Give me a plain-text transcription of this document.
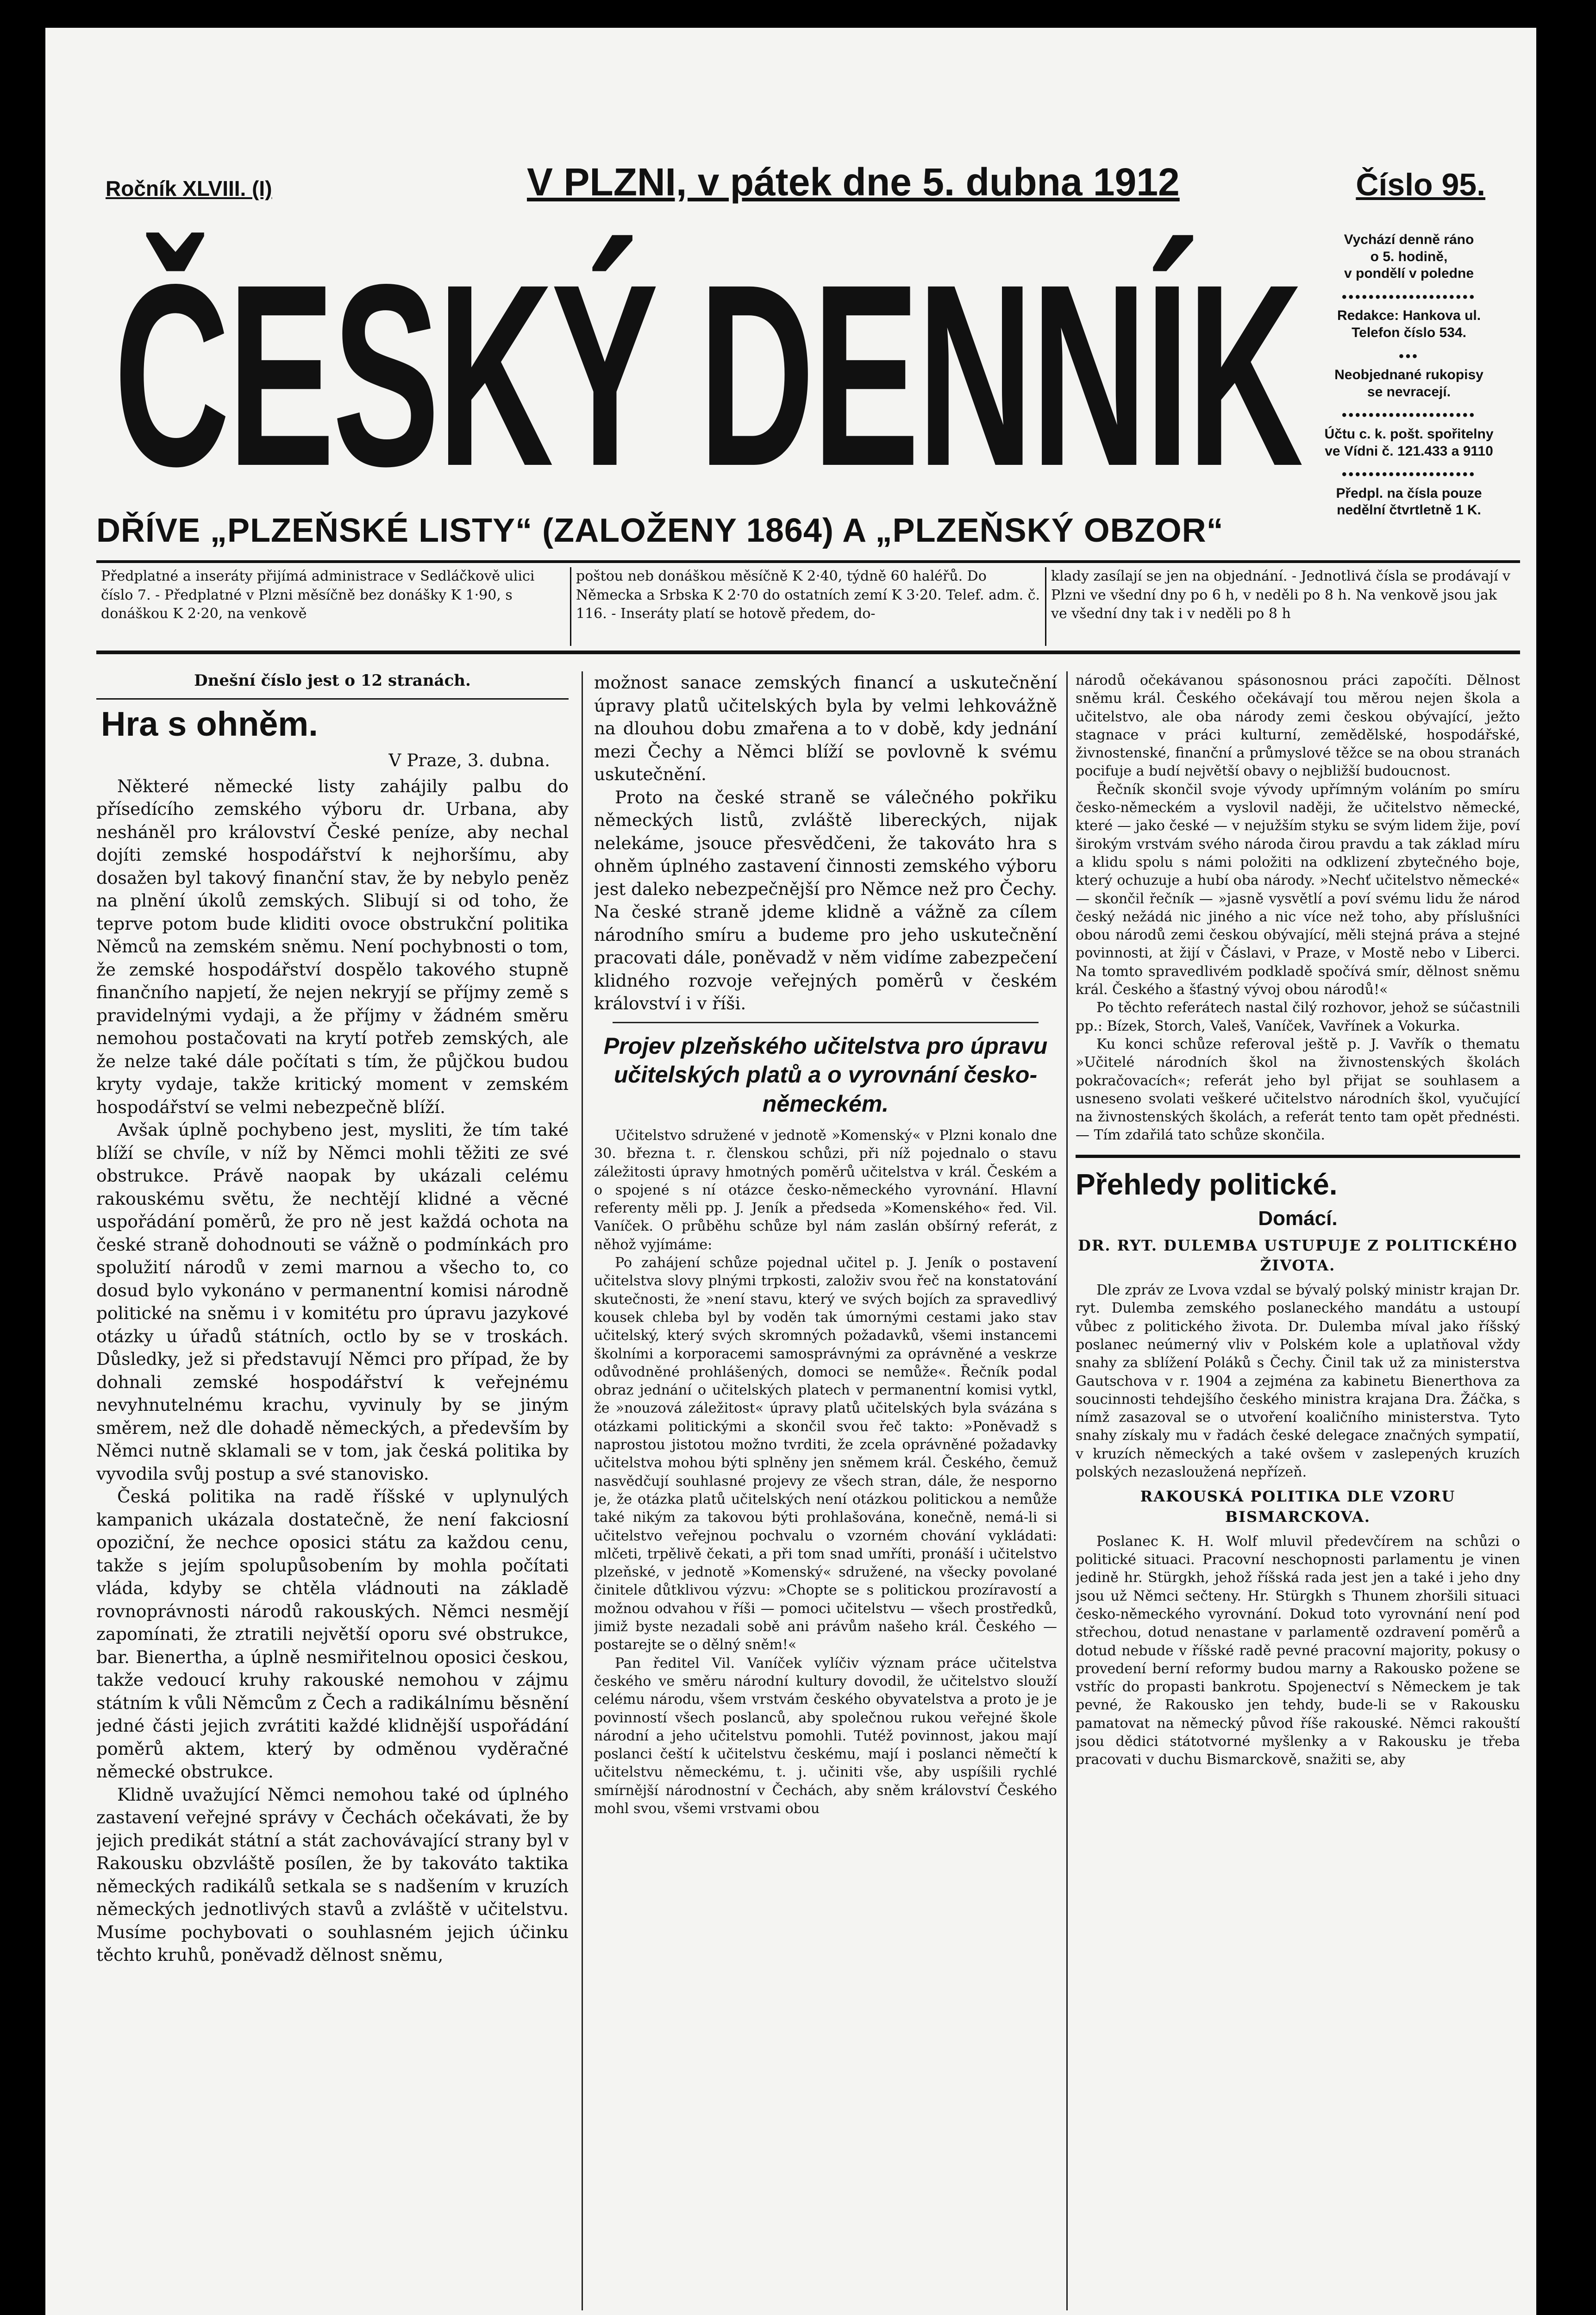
Ročník XLVIII. (I)	V PLZNI, v pátek dne 5. dubna 1912	Číslo 95.
ČESKÝ DENNÍK
DŘÍVE „PLZEŇSKÉ LISTY“ (ZALOŽENY 1864) A „PLZEŇSKÝ OBZOR“
Vychází denně ráno
o 5. hodině,
v pondělí v poledne
••••••••••••••••••••
Redakce: Hankova ul.
Telefon číslo 534.
•••
Neobjednané rukopisy
se nevracejí.
••••••••••••••••••••
Účtu c. k. pošt. spořitelny
ve Vídni č. 121.433 a 9110
••••••••••••••••••••
Předpl. na čísla pouze
nedělní čtvrtletně 1 K.
Předplatné a inseráty přijímá administrace v Sedláčkově ulici číslo 7. - Předplatné v Plzni měsíčně bez donášky K 1·90, s donáškou K 2·20, na venkově
poštou neb donáškou měsíčně K 2·40, týdně 60 haléřů. Do Německa a Srbska K 2·70 do ostatních zemí K 3·20. Telef. adm. č. 116. - Inseráty platí se hotově předem, do-
klady zasílají se jen na objednání. - Jednotlivá čísla se prodávají v Plzni ve všední dny po 6 h, v neděli po 8 h. Na venkově jsou jak ve všední dny tak i v neděli po 8 h
Dnešní číslo jest o 12 stranách.
Hra s ohněm.
V Praze, 3. dubna.

Některé německé listy zahájily palbu do přísedícího zemského výboru dr. Urbana, aby nesháněl pro království České peníze, aby nechal dojíti zemské hospodářství k nejhoršímu, aby dosažen byl takový finanční stav, že by nebylo peněz na plnění úkolů zemských. Slibují si od toho, že teprve potom bude kliditi ovoce obstrukční politika Němců na zemském sněmu. Není pochybnosti o tom, že zemské hospodářství dospělo takového stupně finančního napjetí, že nejen nekryjí se příjmy země s pravidelnými vydaji, a že příjmy v žádném směru nemohou postačovati na krytí potřeb zemských, ale že nelze také dále počítati s tím, že půjčkou budou kryty vydaje, takže kritický moment v zemském hospodářství se velmi nebezpečně blíží.

Avšak úplně pochybeno jest, mysliti, že tím také blíží se chvíle, v níž by Němci mohli těžiti ze své obstrukce. Právě naopak by ukázali celému rakouskému světu, že nechtějí klidné a věcné uspořádání poměrů, že pro ně jest každá ochota na české straně dohodnouti se vážně o podmínkách pro spolužití národů v zemi marnou a všecho to, co dosud bylo vykonáno v permanentní komisi národně politické na sněmu i v komitétu pro úpravu jazykové otázky u úřadů státních, octlo by se v troskách. Důsledky, jež si představují Němci pro případ, že by dohnali zemské hospodářství k veřejnému nevyhnutelnému krachu, vyvinuly by se jiným směrem, než dle dohadě německých, a především by Němci nutně sklamali se v tom, jak česká politika by vyvodila svůj postup a své stanovisko.

Česká politika na radě říšské v uplynulých kampanich ukázala dostatečně, že není fakciosní opoziční, že nechce oposici státu za každou cenu, takže s jejím spolupůsobením by mohla počítati vláda, kdyby se chtěla vládnouti na základě rovnoprávnosti národů rakouských. Němci nesmějí zapomínati, že ztratili největší oporu své obstrukce, bar. Bienertha, a úplně nesmiřitelnou oposici českou, takže vedoucí kruhy rakouské nemohou v zájmu státním k vůli Němcům z Čech a radikálnímu běsnění jedné části jejich zvrátiti každé klidnější uspořádání poměrů aktem, který by odměnou vyděračné německé obstrukce.

Klidně uvažující Němci nemohou také od úplného zastavení veřejné správy v Čechách očekávati, že by jejich predikát státní a stát zachovávající strany byl v Rakousku obzvláště posílen, že by takováto taktika německých radikálů setkala se s nadšením v kruzích německých jednotlivých stavů a zvláště v učitelstvu. Musíme pochybovati o souhlasném jejich účinku těchto kruhů, poněvadž dělnost sněmu,

možnost sanace zemských financí a uskutečnění úpravy platů učitelských byla by velmi lehkovážně na dlouhou dobu zmařena a to v době, kdy jednání mezi Čechy a Němci blíží se povlovně k svému uskutečnění.

Proto na české straně se válečného pokřiku německých listů, zvláště libereckých, nijak nelekáme, jsouce přesvědčeni, že takováto hra s ohněm úplného zastavení činnosti zemského výboru jest daleko nebezpečnější pro Němce než pro Čechy. Na české straně jdeme klidně a vážně za cílem národního smíru a budeme pro jeho uskutečnění pracovati dále, poněvadž v něm vidíme zabezpečení klidného rozvoje veřejných poměrů v českém království i v říši.

Projev plzeňského učitelstva pro úpravu učitelských platů a o vyrovnání česko-německém.

Učitelstvo sdružené v jednotě »Komenský« v Plzni konalo dne 30. března t. r. členskou schůzi, při níž pojednalo o stavu záležitosti úpravy hmotných poměrů učitelstva v král. Českém a o spojené s ní otázce česko-německého vyrovnání. Hlavní referenty měli pp. J. Jeník a předseda »Komenského« řed. Vil. Vaníček. O průběhu schůze byl nám zaslán obšírný referát, z něhož vyjímáme:

Po zahájení schůze pojednal učitel p. J. Jeník o postavení učitelstva slovy plnými trpkosti, založiv svou řeč na konstatování skutečnosti, že »není stavu, který ve svých bojích za spravedlivý kousek chleba byl by voděn tak úmornými cestami jako stav učitelský, který svých skromných požadavků, všemi instancemi školními a korporacemi samosprávnými za oprávněné a veskrze odůvodněné prohlášených, domoci se nemůže«. Řečník podal obraz jednání o učitelských platech v permanentní komisi vytkl, že »nouzová záležitost« úpravy platů učitelských byla svázána s otázkami politickými a skončil svou řeč takto: »Poněvadž s naprostou jistotou možno tvrditi, že zcela oprávněné požadavky učitelstva mohou býti splněny jen sněmem král. Českého, čemuž nasvědčují souhlasné projevy ze všech stran, dále, že nesporno je, že otázka platů učitelských není otázkou politickou a nemůže také nikým za takovou býti prohlašována, konečně, nemá-li si učitelstvo veřejnou pochvalu o vzorném chování vykládati: mlčeti, trpělivě čekati, a při tom snad umříti, pronáší i učitelstvo plzeňské, v jednotě »Komenský« sdružené, na všecky povolané činitele důtklivou výzvu: »Chopte se s politickou prozíravostí a možnou odvahou v říši — pomoci učitelstvu — všech prostředků, jimiž byste nezadali sobě ani právům našeho král. Českého — postarejte se o dělný sněm!«

Pan ředitel Vil. Vaníček vylíčiv význam práce učitelstva českého ve směru národní kultury dovodil, že učitelstvo slouží celému národu, všem vrstvám českého obyvatelstva a proto je je povinností všech poslanců, aby společnou rukou veřejné škole národní a jeho učitelstvu pomohli. Tutéž povinnost, jakou mají poslanci čeští k učitelstvu českému, mají i poslanci němečtí k učitelstvu německému, t. j. učiniti vše, aby uspíšili rychlé smírnější národnostní v Čechách, aby sněm království Českého mohl svou, všemi vrstvami obou

národů očekávanou spásonosnou práci započíti. Dělnost sněmu král. Českého očekávají tou měrou nejen škola a učitelstvo, ale oba národy zemi českou obývající, ježto stagnace v práci kulturní, zemědělské, hospodářské, živnostenské, finanční a průmyslové těžce se na obou stranách pocifuje a budí největší obavy o nejbližší budoucnost.

Řečník skončil svoje vývody upřímným voláním po smíru česko-německém a vyslovil naději, že učitelstvo německé, které — jako české — v nejužším styku se svým lidem žije, poví širokým vrstvám svého národa čirou pravdu a tak základ míru a klidu spolu s námi položiti na odklizení zbytečného boje, který ochuzuje a hubí oba národy. »Nechť učitelstvo německé« — skončil řečník — »jasně vysvětlí a poví svému lidu že národ český nežádá nic jiného a nic více než toho, aby příslušníci obou národů zemi českou obývající, měli stejná práva a stejné povinnosti, at žijí v Čáslavi, v Praze, v Mostě nebo v Liberci. Na tomto spravedlivém podkladě spočívá smír, dělnost sněmu král. Českého a šťastný vývoj obou národů!«

Po těchto referátech nastal čilý rozhovor, jehož se súčastnili pp.: Bízek, Storch, Valeš, Vaníček, Vavřínek a Vokurka.

Ku konci schůze referoval ještě p. J. Vavřík o thematu »Učitelé národních škol na živnostenských školách pokračovacích«; referát jeho byl přijat se souhlasem a usneseno svolati veškeré učitelstvo národních škol, vyučující na živnostenských školách, a referát tento tam opět přednésti. — Tím zdařilá tato schůze skončila.

Přehledy politické.
Domácí.
DR. RYT. DULEMBA USTUPUJE Z POLITICKÉHO ŽIVOTA.

Dle zpráv ze Lvova vzdal se bývalý polský ministr krajan Dr. ryt. Dulemba zemského poslaneckého mandátu a ustoupí vůbec z politického života. Dr. Dulemba míval jako říšský poslanec neúmerný vliv v Polském kole a uplatňoval vždy snahy za sblížení Poláků s Čechy. Činil tak už za ministerstva Gautschova v r. 1904 a zejména za kabinetu Bienerthova za soucinnosti tehdejšího českého ministra krajana Dra. Žáčka, s nímž zasazoval se o utvoření koaličního ministerstva. Tyto snahy získaly mu v řadách české delegace značných sympatií, v kruzích německých a také ovšem v zaslepených kruzích polských nezasloužená nepřízeň.

RAKOUSKÁ POLITIKA DLE VZORU BISMARCKOVA.

Poslanec K. H. Wolf mluvil předevčírem na schůzi o politické situaci. Pracovní neschopnosti parlamentu je vinen jedině hr. Stürgkh, jehož říšská rada jest jen a také i jeho dny jsou už Němci sečteny. Hr. Stürgkh s Thunem zhoršili situaci česko-německého vyrovnání. Dokud toto vyrovnání není pod střechou, dotud nenastane v parlamentě ozdravení poměrů a dotud nebude v říšské radě pevné pracovní majority, pokusy o provedení berní reformy budou marny a Rakousko požene se vstříc do propasti bankrotu. Spojenectví s Německem je tak pevné, že Rakousko jen tehdy, bude-li se v Rakousku pamatovat na německý původ říše rakouské. Němci rakouští jsou dědici státotvorné myšlenky a v Rakousku je třeba pracovati v duchu Bismarckově, snažiti se, aby
